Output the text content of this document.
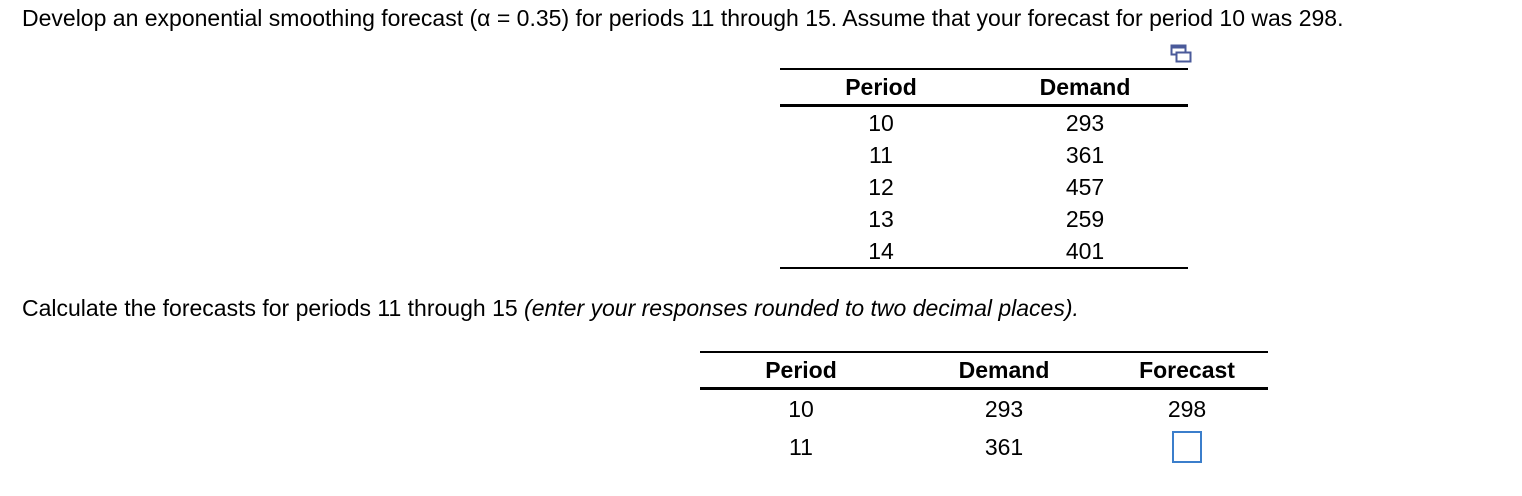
Develop an exponential smoothing forecast (α = 0.35) for periods 11 through 15. Assume that your forecast for period 10 was 298.
Period	Demand
10	293
11	361
12	457
13	259
14	401
Calculate the forecasts for periods 11 through 15 (enter your responses rounded to two decimal places).
Period	Demand	Forecast
10	293	298
11	361	
